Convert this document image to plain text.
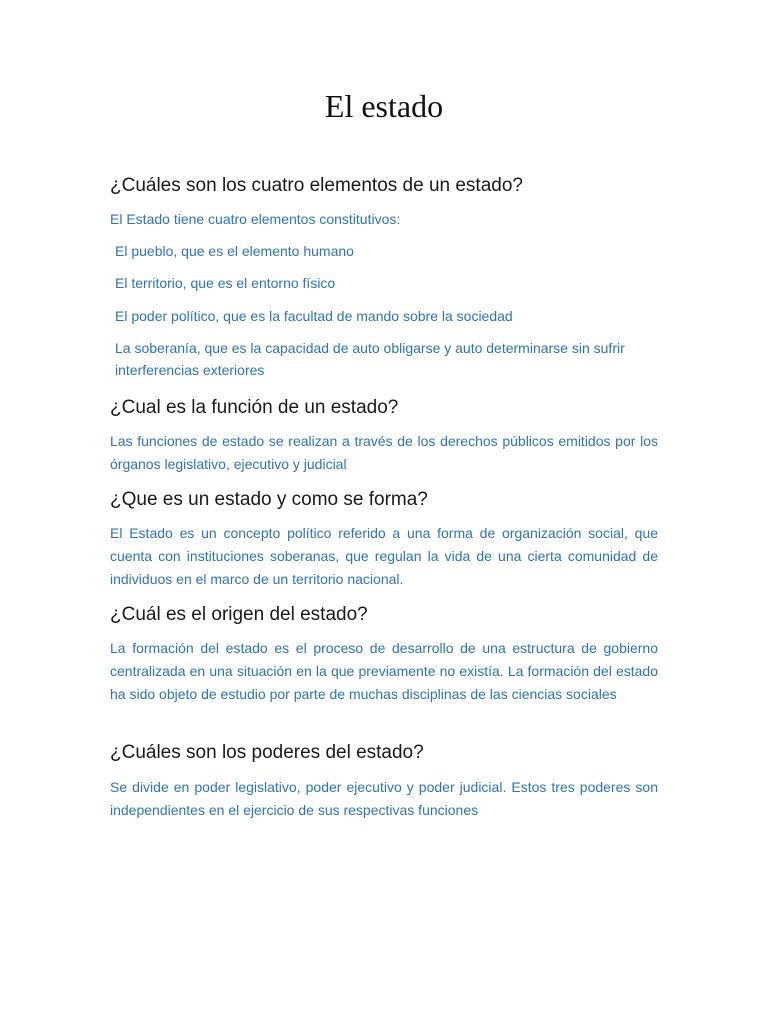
El estado
¿Cuáles son los cuatro elementos de un estado?

El Estado tiene cuatro elementos constitutivos:

El pueblo, que es el elemento humano

El territorio, que es el entorno físico

El poder político, que es la facultad de mando sobre la sociedad

La soberanía, que es la capacidad de auto obligarse y auto determinarse sin sufrir interferencias exteriores

¿Cual es la función de un estado?

Las funciones de estado se realizan a través de los derechos públicos emitidos por los órganos legislativo, ejecutivo y judicial

¿Que es un estado y como se forma?

El Estado es un concepto político referido a una forma de organización social, que cuenta con instituciones soberanas, que regulan la vida de una cierta comunidad de individuos en el marco de un territorio nacional.

¿Cuál es el origen del estado?

La formación del estado es el proceso de desarrollo de una estructura de gobierno centralizada en una situación en la que previamente no existía. La formación del estado ha sido objeto de estudio por parte de muchas disciplinas de las ciencias sociales

¿Cuáles son los poderes del estado?

Se divide en poder legislativo, poder ejecutivo y poder judicial. Estos tres poderes son independientes en el ejercicio de sus respectivas funciones
